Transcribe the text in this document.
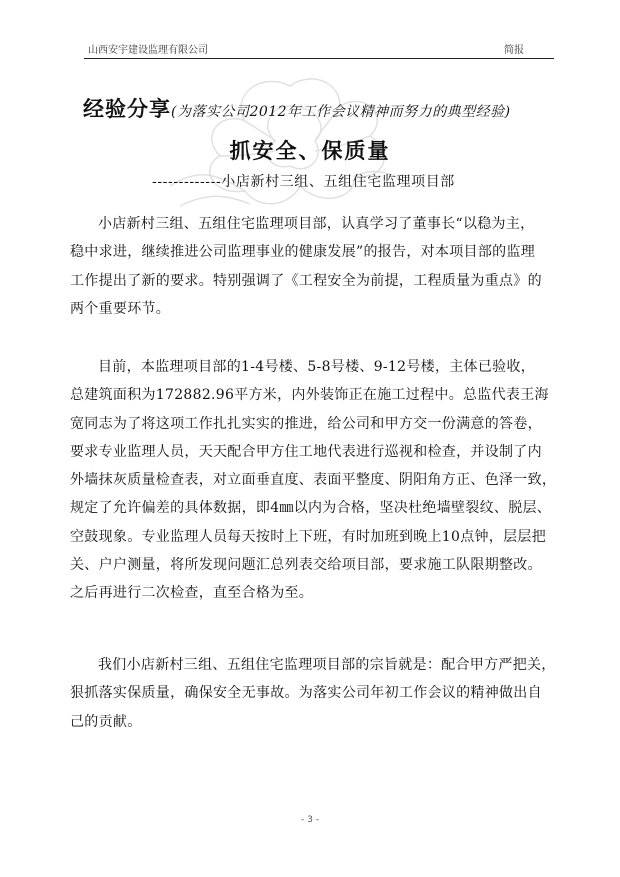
山西安宇建设监理有限公司	简报
经验分享(为落实公司2012年工作会议精神而努力的典型经验)
抓安全、保质量
-------------小店新村三组、五组住宅监理项目部
小店新村三组、五组住宅监理项目部，认真学习了董事长“以稳为主，
稳中求进，继续推进公司监理事业的健康发展”的报告，对本项目部的监理
工作提出了新的要求。特别强调了《工程安全为前提，工程质量为重点》的
两个重要环节。
目前，本监理项目部的1-4号楼、5-8号楼、9-12号楼，主体已验收，
总建筑面积为172882.96平方米，内外装饰正在施工过程中。总监代表王海
宽同志为了将这项工作扎扎实实的推进，给公司和甲方交一份满意的答卷，
要求专业监理人员，天天配合甲方住工地代表进行巡视和检查，并设制了内
外墙抹灰质量检查表，对立面垂直度、表面平整度、阴阳角方正、色泽一致，
规定了允许偏差的具体数据，即4㎜以内为合格，坚决杜绝墙壁裂纹、脱层、
空鼓现象。专业监理人员每天按时上下班，有时加班到晚上10点钟，层层把
关、户户测量，将所发现问题汇总列表交给项目部，要求施工队限期整改。
之后再进行二次检查，直至合格为至。
我们小店新村三组、五组住宅监理项目部的宗旨就是：配合甲方严把关，
狠抓落实保质量，确保安全无事故。为落实公司年初工作会议的精神做出自
己的贡献。
- 3 -
